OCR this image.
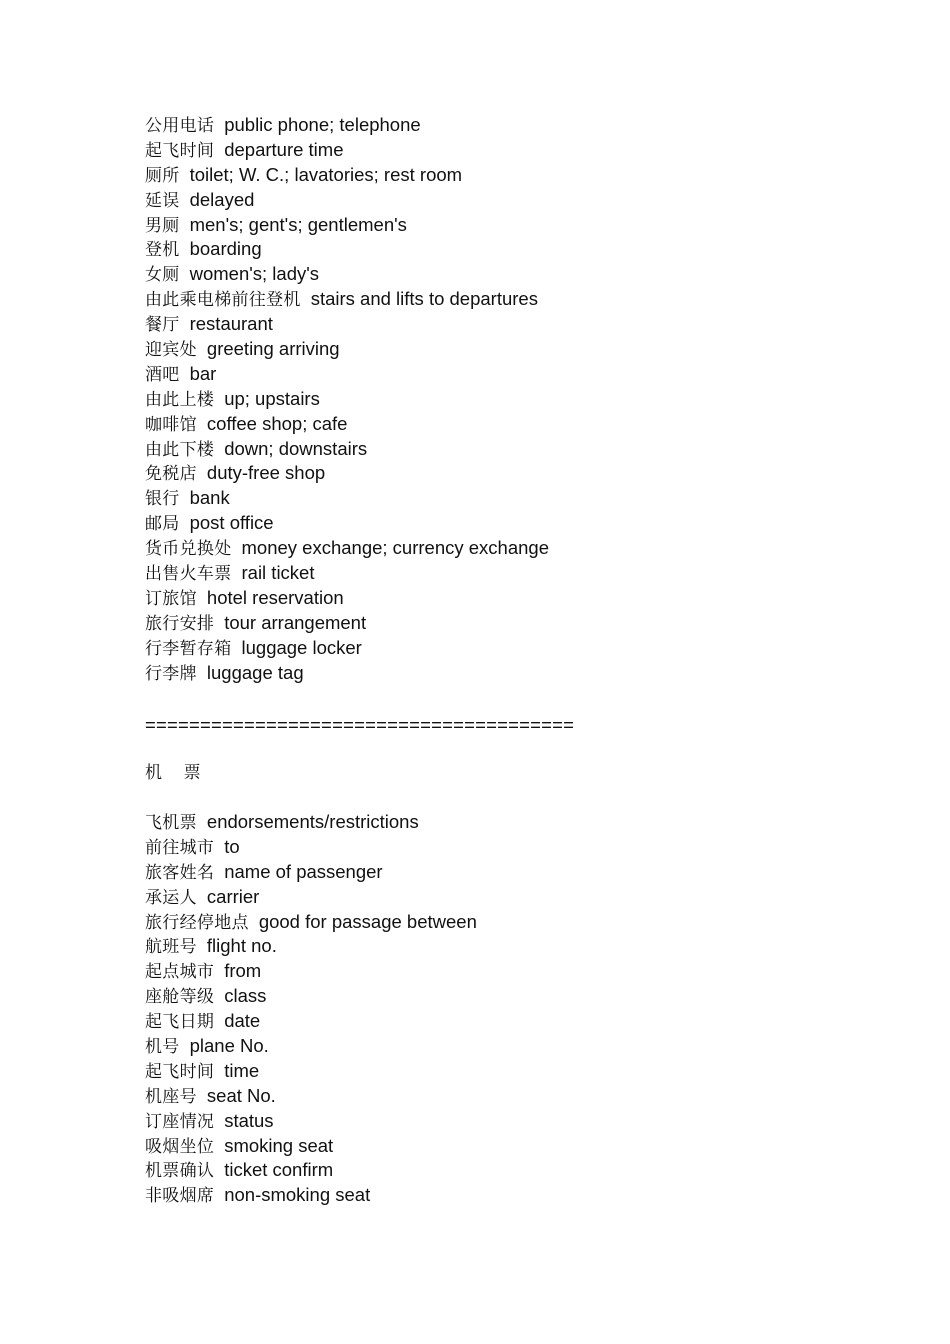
公用电话 public phone; telephone
起飞时间 departure time
厕所 toilet; W. C.; lavatories; rest room
延误 delayed
男厕 men's; gent's; gentlemen's
登机 boarding
女厕 women's; lady's
由此乘电梯前往登机 stairs and lifts to departures
餐厅 restaurant
迎宾处 greeting arriving
酒吧 bar
由此上楼 up; upstairs
咖啡馆 coffee shop; cafe
由此下楼 down; downstairs
免税店 duty-free shop
银行 bank
邮局 post office
货币兑换处 money exchange; currency exchange
出售火车票 rail ticket
订旅馆 hotel reservation
旅行安排 tour arrangement
行李暂存箱 luggage locker
行李牌 luggage tag
=======================================
机    票
飞机票 endorsements/restrictions
前往城市 to
旅客姓名 name of passenger
承运人 carrier
旅行经停地点 good for passage between
航班号 flight no.
起点城市 from
座舱等级 class
起飞日期 date
机号 plane No.
起飞时间 time
机座号 seat No.
订座情况 status
吸烟坐位 smoking seat
机票确认 ticket confirm
非吸烟席 non-smoking seat
